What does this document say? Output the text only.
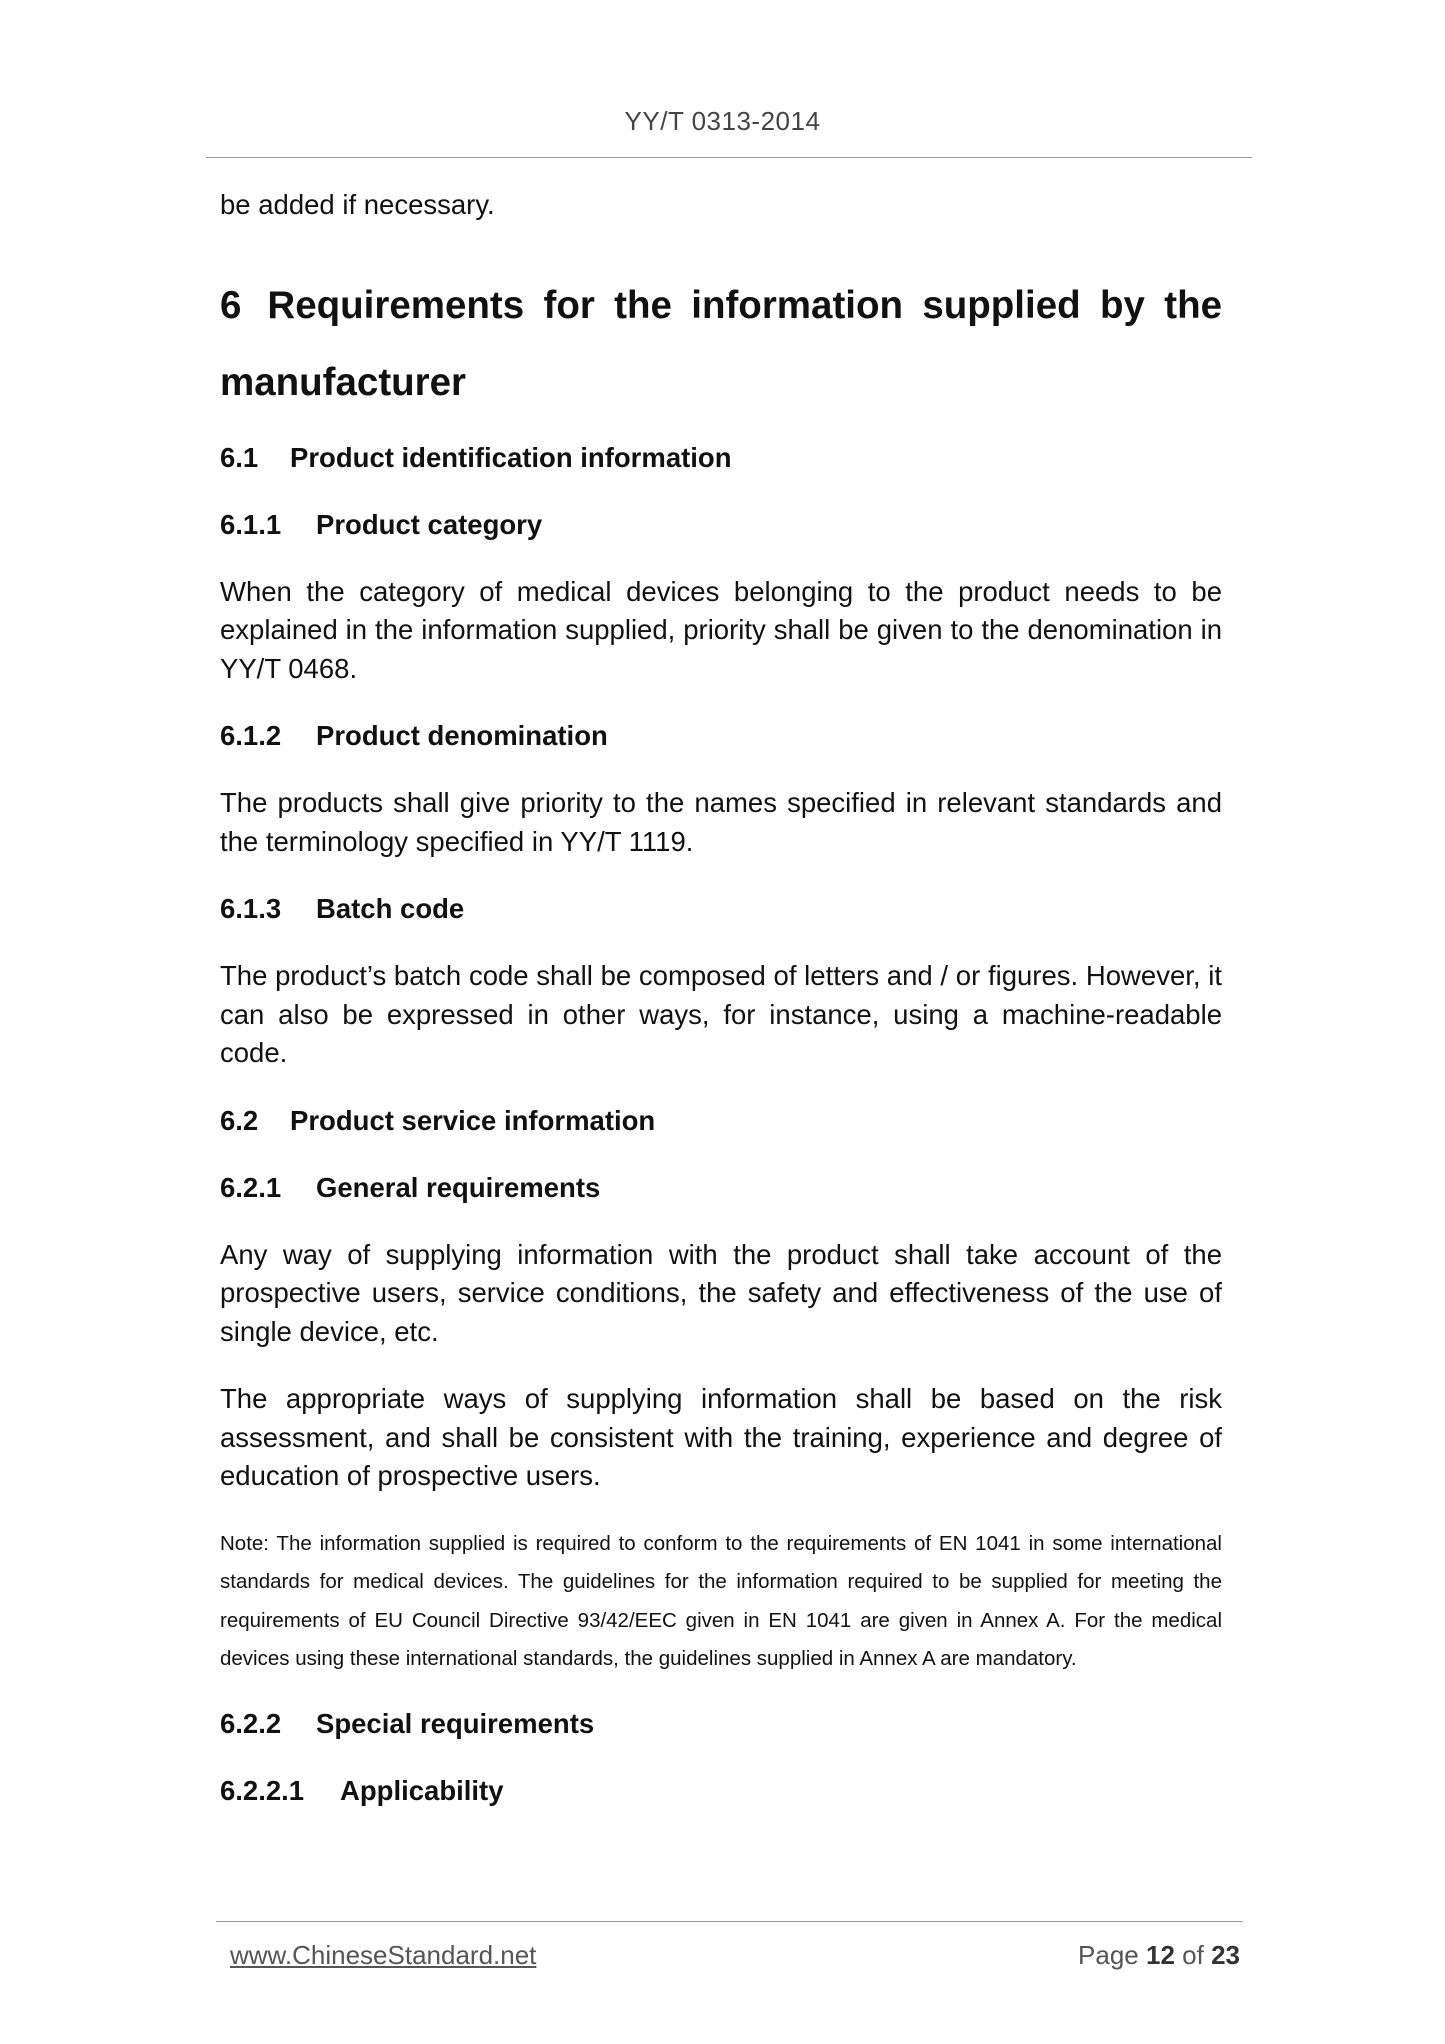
YY/T 0313-2014

be added if necessary.

6 Requirements for the information supplied by the manufacturer
6.1 Product identification information
6.1.1 Product category

When the category of medical devices belonging to the product needs to be explained in the information supplied, priority shall be given to the denomination in YY/T 0468.

6.1.2 Product denomination

The products shall give priority to the names specified in relevant standards and the terminology specified in YY/T 1119.

6.1.3 Batch code

The product’s batch code shall be composed of letters and / or figures. However, it can also be expressed in other ways, for instance, using a machine-readable code.

6.2 Product service information
6.2.1 General requirements

Any way of supplying information with the product shall take account of the prospective users, service conditions, the safety and effectiveness of the use of single device, etc.

The appropriate ways of supplying information shall be based on the risk assessment, and shall be consistent with the training, experience and degree of education of prospective users.

Note: The information supplied is required to conform to the requirements of EN 1041 in some international standards for medical devices. The guidelines for the information required to be supplied for meeting the requirements of EU Council Directive 93/42/EEC given in EN 1041 are given in Annex A. For the medical devices using these international standards, the guidelines supplied in Annex A are mandatory.

6.2.2 Special requirements
6.2.2.1 Applicability
www.ChineseStandard.net	Page 12 of 23
